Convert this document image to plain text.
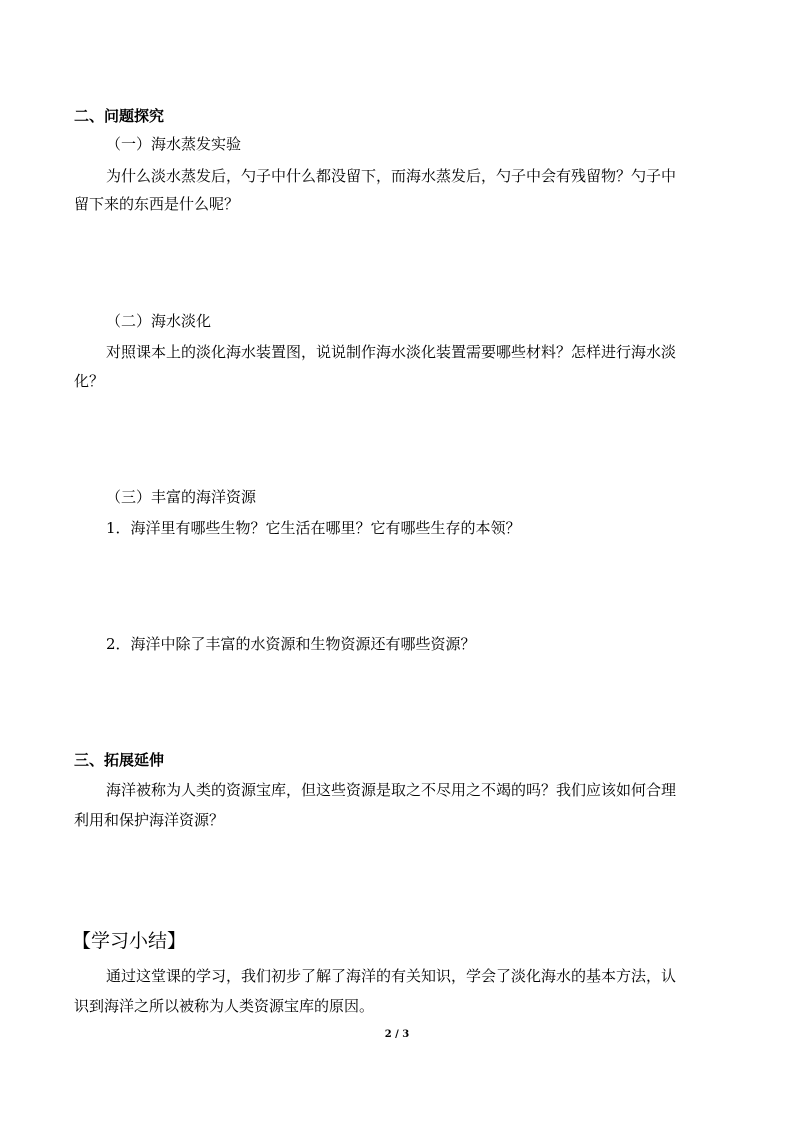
二、问题探究
（一）海水蒸发实验
为什么淡水蒸发后，勺子中什么都没留下，而海水蒸发后，勺子中会有残留物？勺子中
留下来的东西是什么呢？
（二）海水淡化
对照课本上的淡化海水装置图，说说制作海水淡化装置需要哪些材料？怎样进行海水淡
化？
（三）丰富的海洋资源
1．海洋里有哪些生物？它生活在哪里？它有哪些生存的本领？
2．海洋中除了丰富的水资源和生物资源还有哪些资源？
三、拓展延伸
海洋被称为人类的资源宝库，但这些资源是取之不尽用之不竭的吗？我们应该如何合理
利用和保护海洋资源？
【学习小结】
通过这堂课的学习，我们初步了解了海洋的有关知识，学会了淡化海水的基本方法，认
识到海洋之所以被称为人类资源宝库的原因。
2 / 3
